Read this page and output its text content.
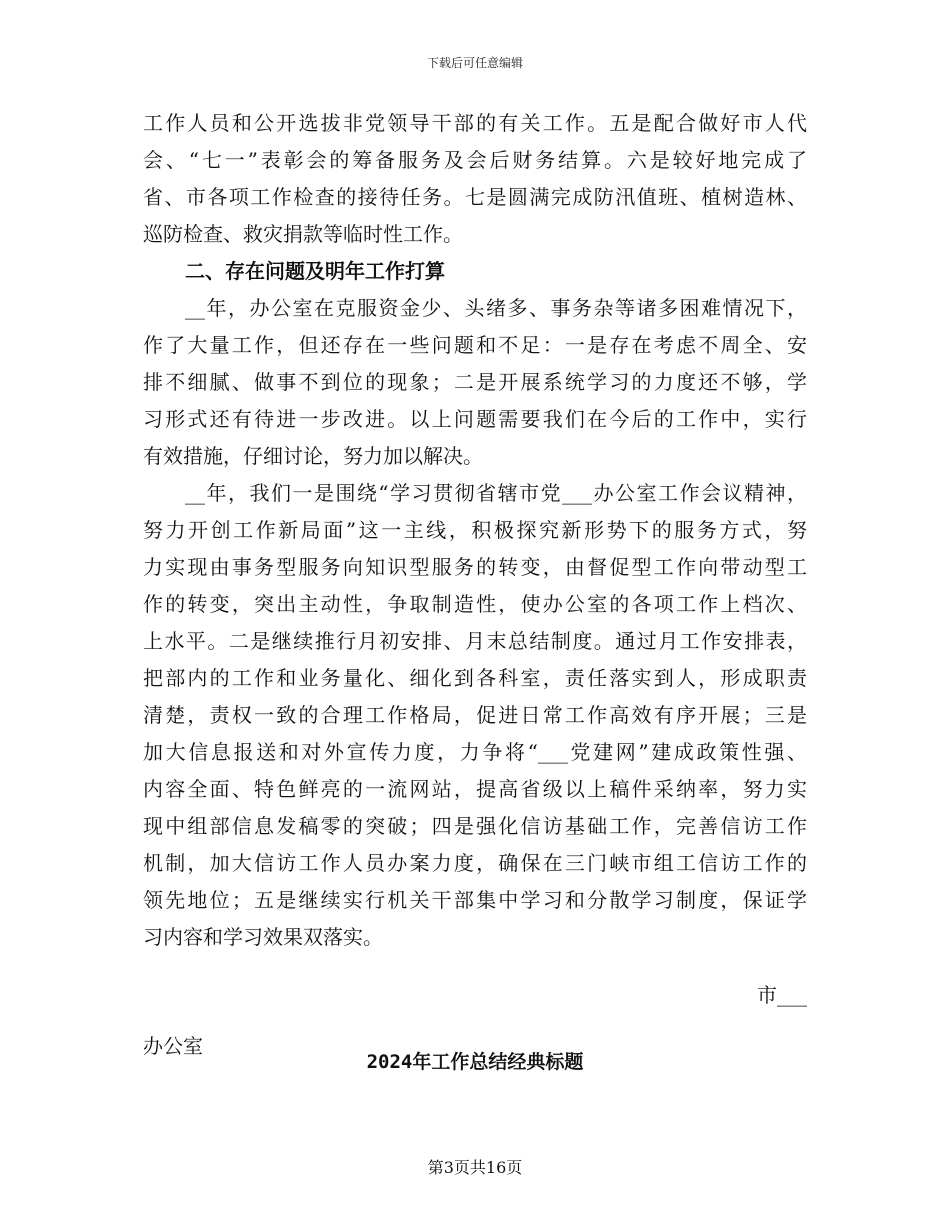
下载后可任意编辑
工作人员和公开选拔非党领导干部的有关工作。五是配合做好市人代
会、“七一”表彰会的筹备服务及会后财务结算。六是较好地完成了
省、市各项工作检查的接待任务。七是圆满完成防汛值班、植树造林、
巡防检查、救灾捐款等临时性工作。
二、存在问题及明年工作打算
__年，办公室在克服资金少、头绪多、事务杂等诸多困难情况下，
作了大量工作，但还存在一些问题和不足：一是存在考虑不周全、安
排不细腻、做事不到位的现象；二是开展系统学习的力度还不够，学
习形式还有待进一步改进。以上问题需要我们在今后的工作中，实行
有效措施，仔细讨论，努力加以解决。
__年，我们一是围绕“学习贯彻省辖市党___办公室工作会议精神，
努力开创工作新局面”这一主线，积极探究新形势下的服务方式，努
力实现由事务型服务向知识型服务的转变，由督促型工作向带动型工
作的转变，突出主动性，争取制造性，使办公室的各项工作上档次、
上水平。二是继续推行月初安排、月末总结制度。通过月工作安排表，
把部内的工作和业务量化、细化到各科室，责任落实到人，形成职责
清楚，责权一致的合理工作格局，促进日常工作高效有序开展；三是
加大信息报送和对外宣传力度，力争将“___党建网”建成政策性强、
内容全面、特色鲜亮的一流网站，提高省级以上稿件采纳率，努力实
现中组部信息发稿零的突破；四是强化信访基础工作，完善信访工作
机制，加大信访工作人员办案力度，确保在三门峡市组工信访工作的
领先地位；五是继续实行机关干部集中学习和分散学习制度，保证学
习内容和学习效果双落实。
市___
办公室
2024年工作总结经典标题
第3页共16页
